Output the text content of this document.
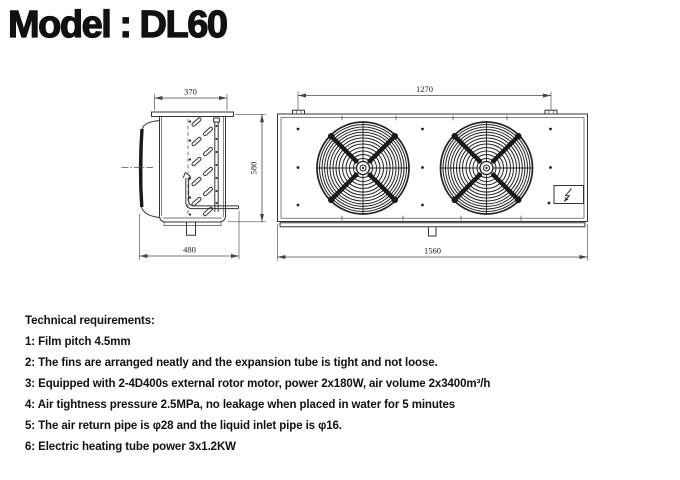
Model : DL60
370
480
580
1270
1560
Technical requirements:
1: Film pitch 4.5mm
2: The fins are arranged neatly and the expansion tube is tight and not loose.
3: Equipped with 2-4D400s external rotor motor, power 2x180W, air volume 2x3400m³/h
4: Air tightness pressure 2.5MPa, no leakage when placed in water for 5 minutes
5: The air return pipe is φ28 and the liquid inlet pipe is φ16.
6: Electric heating tube power 3x1.2KW
